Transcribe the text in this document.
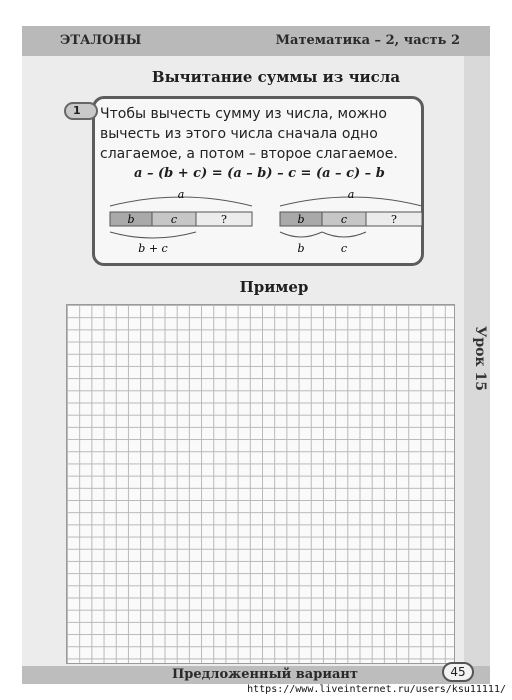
ЭТАЛОНЫ	Математика – 2, часть 2
Вычитание суммы из числа
1	Чтобы вычесть сумму из числа, можно
вычесть из этого числа сначала одно
слагаемое, а потом – второе слагаемое.
a – (b + c) = (a – b) – c = (a – c) – b
a
b	c	?
b + c
a
b	c	?
b	c
Пример
Урок 15
Предложенный вариант	45
https://www.liveinternet.ru/users/ksu11111/
